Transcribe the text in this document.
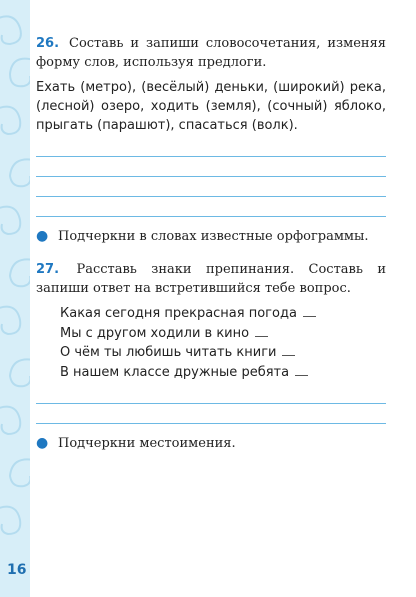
16

26. Составь и запиши словосочетания, изменяя форму слов, используя предлоги.

Ехать (метро), (весёлый) деньки, (широкий) река, (лесной) озеро, ходить (земля), (сочный) яблоко, прыгать (парашют), спасаться (волк).

● Подчеркни в словах известные орфограммы.

27. Расставь знаки препинания. Составь и запиши ответ на встретившийся тебе вопрос.

Какая сегодня прекрасная погода
Мы с другом ходили в кино
О чём ты любишь читать книги
В нашем классе дружные ребята
● Подчеркни местоимения.
